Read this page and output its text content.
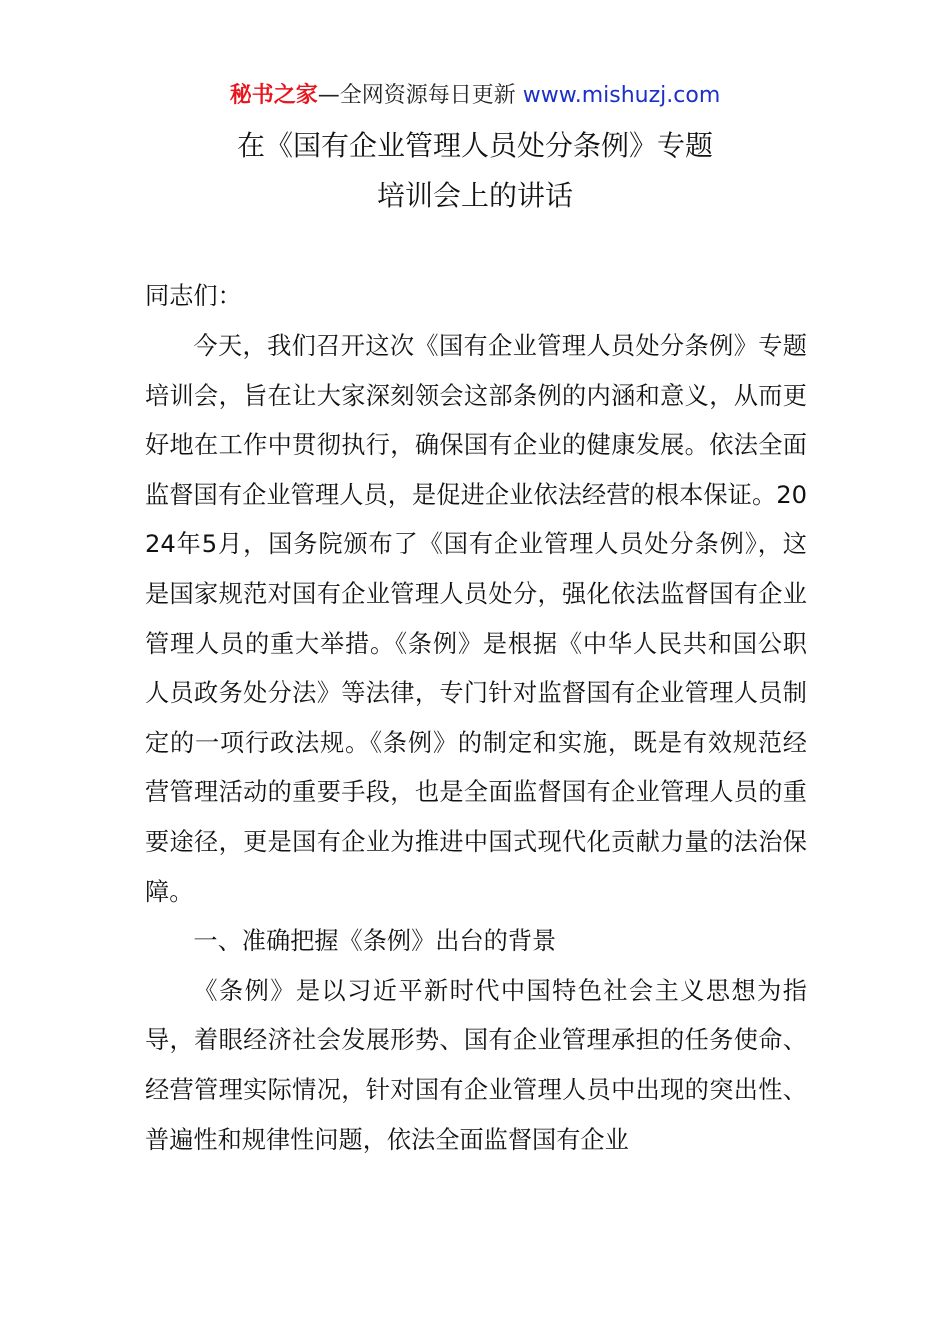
秘书之家—全网资源每日更新 www.mishuzj.com
在《国有企业管理人员处分条例》专题
培训会上的讲话
同志们：

今天，我们召开这次《国有企业管理人员处分条例》专题培训会，旨在让大家深刻领会这部条例的内涵和意义，从而更好地在工作中贯彻执行，确保国有企业的健康发展。依法全面监督国有企业管理人员，是促进企业依法经营的根本保证。2024年5月，国务院颁布了《国有企业管理人员处分条例》，这是国家规范对国有企业管理人员处分，强化依法监督国有企业管理人员的重大举措。《条例》是根据《中华人民共和国公职人员政务处分法》等法律，专门针对监督国有企业管理人员制定的一项行政法规。《条例》的制定和实施，既是有效规范经营管理活动的重要手段，也是全面监督国有企业管理人员的重要途径，更是国有企业为推进中国式现代化贡献力量的法治保障。

一、准确把握《条例》出台的背景

《条例》是以习近平新时代中国特色社会主义思想为指导，着眼经济社会发展形势、国有企业管理承担的任务使命、经营管理实际情况，针对国有企业管理人员中出现的突出性、普遍性和规律性问题，依法全面监督国有企业
